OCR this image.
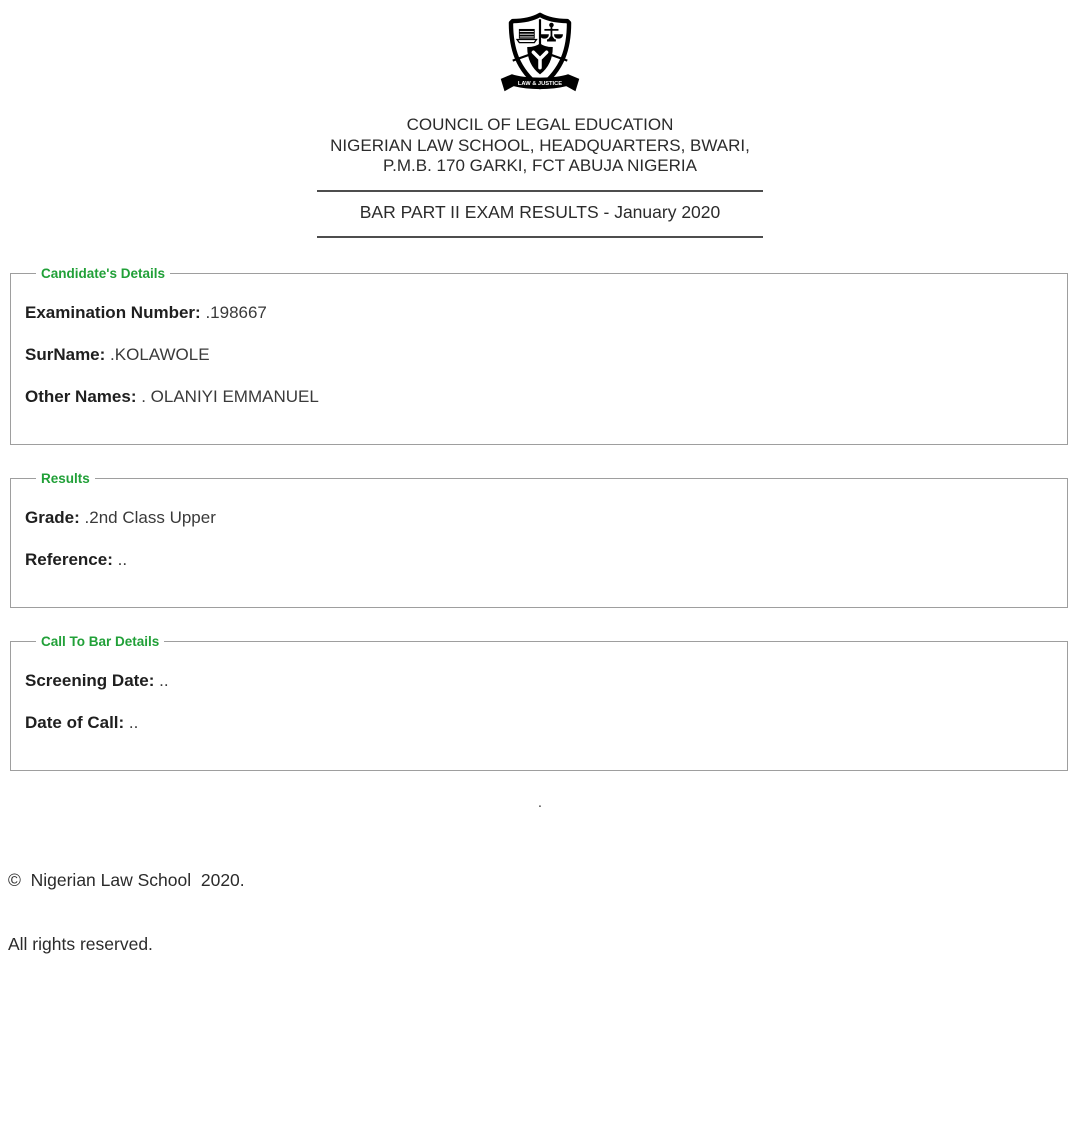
LAW & JUSTICE

COUNCIL OF LEGAL EDUCATION

NIGERIAN LAW SCHOOL, HEADQUARTERS, BWARI,

P.M.B. 170 GARKI, FCT ABUJA NIGERIA

BAR PART II EXAM RESULTS - January 2020

Candidate's Details

Examination Number: .198667

SurName: .KOLAWOLE

Other Names: . OLANIYI EMMANUEL

Results

Grade: .2nd Class Upper

Reference: ..

Call To Bar Details

Screening Date: ..

Date of Call: ..

.

©  Nigerian Law School  2020.

All rights reserved.
